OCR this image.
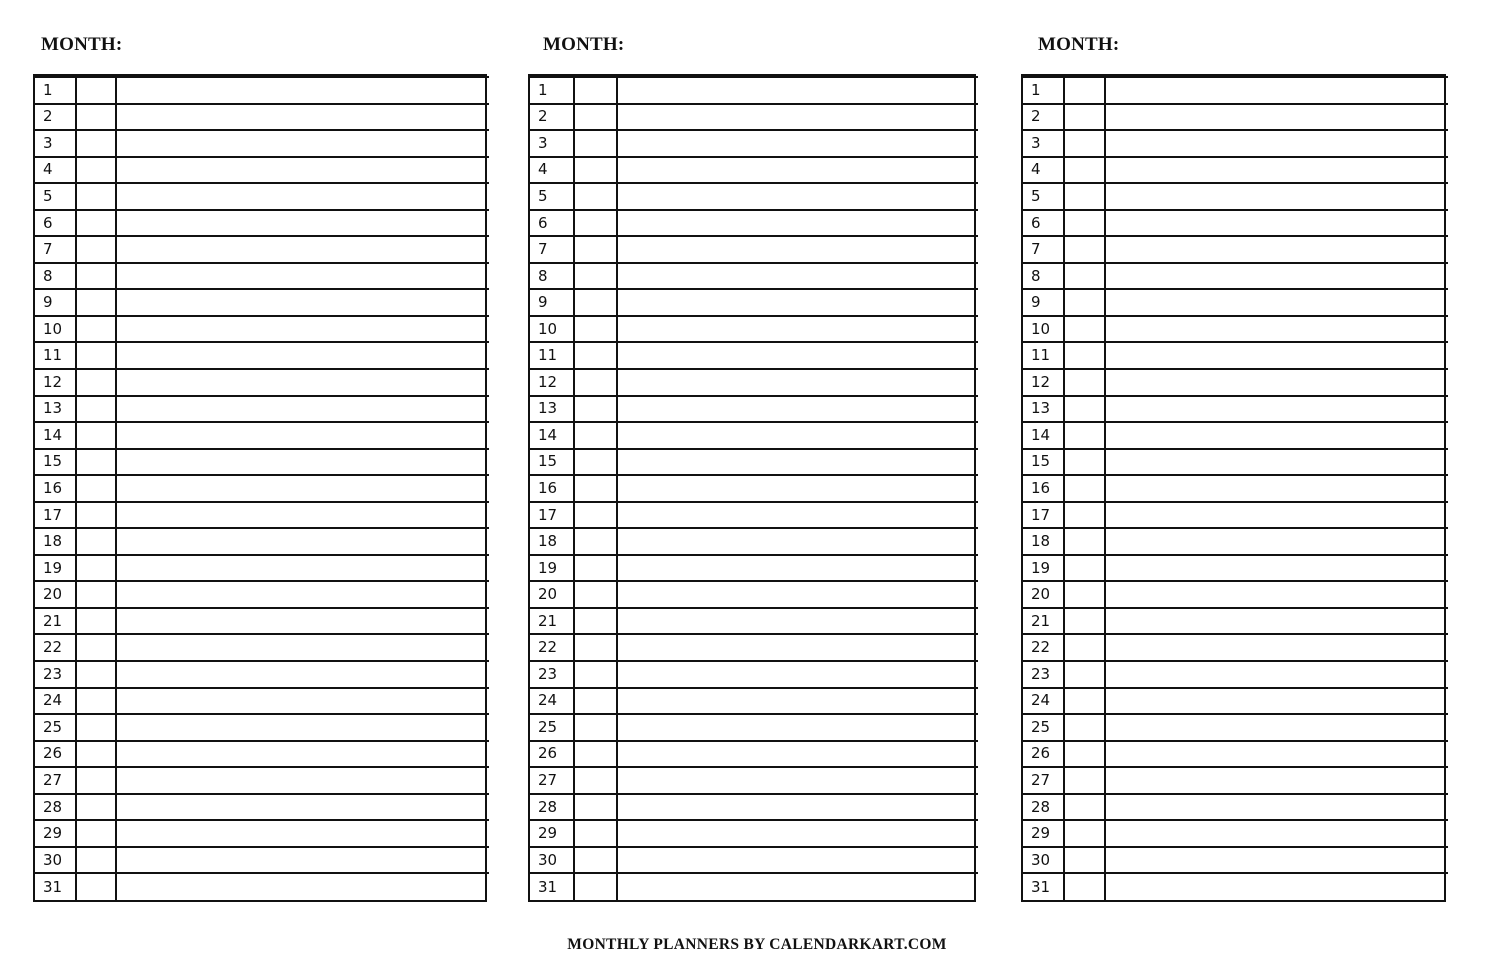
MONTH:	MONTH:	MONTH:
1		
2		
3		
4		
5		
6		
7		
8		
9		
10		
11		
12		
13		
14		
15		
16		
17		
18		
19		
20		
21		
22		
23		
24		
25		
26		
27		
28		
29		
30		
31		
1		
2		
3		
4		
5		
6		
7		
8		
9		
10		
11		
12		
13		
14		
15		
16		
17		
18		
19		
20		
21		
22		
23		
24		
25		
26		
27		
28		
29		
30		
31		
1		
2		
3		
4		
5		
6		
7		
8		
9		
10		
11		
12		
13		
14		
15		
16		
17		
18		
19		
20		
21		
22		
23		
24		
25		
26		
27		
28		
29		
30		
31		
MONTHLY PLANNERS BY CALENDARKART.COM
